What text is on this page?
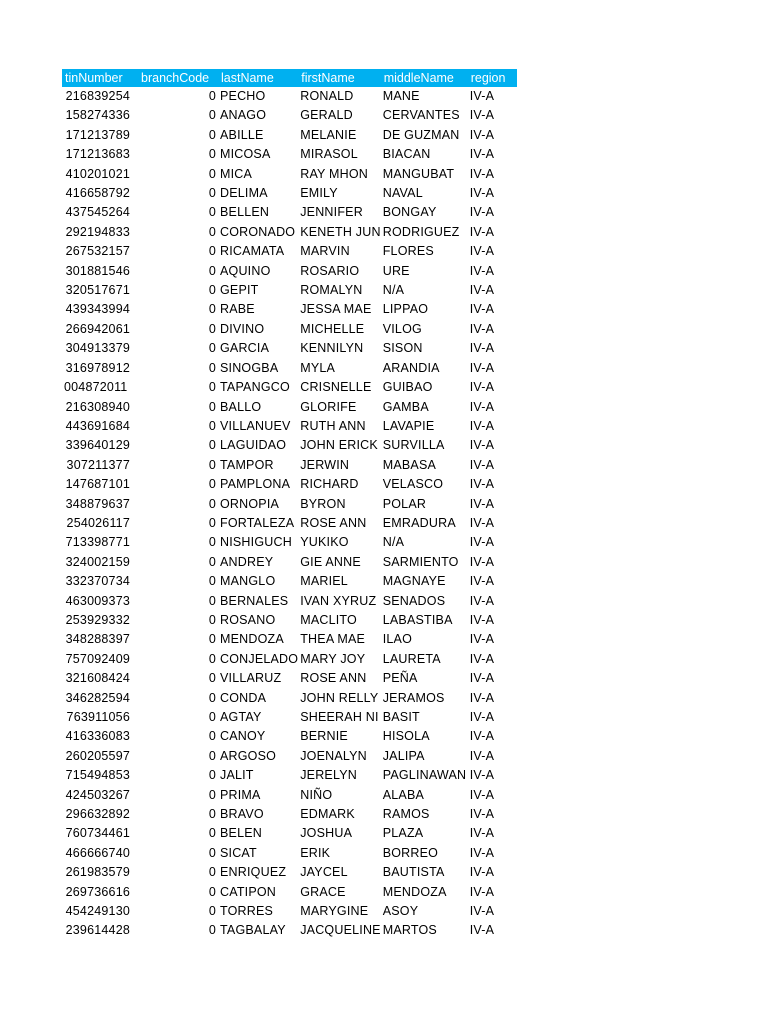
tinNumber	branchCode	lastName	firstName	middleName	region
216839254	0	PECHO	RONALD	MANE	IV-A
158274336	0	ANAGO	GERALD	CERVANTES	IV-A
171213789	0	ABILLE	MELANIE	DE GUZMAN	IV-A
171213683	0	MICOSA	MIRASOL	BIACAN	IV-A
410201021	0	MICA	RAY MHON	MANGUBAT	IV-A
416658792	0	DELIMA	EMILY	NAVAL	IV-A
437545264	0	BELLEN	JENNIFER	BONGAY	IV-A
292194833	0	CORONADO	KENETH JUN	RODRIGUEZ	IV-A
267532157	0	RICAMATA	MARVIN	FLORES	IV-A
301881546	0	AQUINO	ROSARIO	URE	IV-A
320517671	0	GEPIT	ROMALYN	N/A	IV-A
439343994	0	RABE	JESSA MAE	LIPPAO	IV-A
266942061	0	DIVINO	MICHELLE	VILOG	IV-A
304913379	0	GARCIA	KENNILYN	SISON	IV-A
316978912	0	SINOGBA	MYLA	ARANDIA	IV-A
004872011	0	TAPANGCO	CRISNELLE	GUIBAO	IV-A
216308940	0	BALLO	GLORIFE	GAMBA	IV-A
443691684	0	VILLANUEV	RUTH ANN	LAVAPIE	IV-A
339640129	0	LAGUIDAO	JOHN ERICK	SURVILLA	IV-A
307211377	0	TAMPOR	JERWIN	MABASA	IV-A
147687101	0	PAMPLONA	RICHARD	VELASCO	IV-A
348879637	0	ORNOPIA	BYRON	POLAR	IV-A
254026117	0	FORTALEZA	ROSE ANN	EMRADURA	IV-A
713398771	0	NISHIGUCH	YUKIKO	N/A	IV-A
324002159	0	ANDREY	GIE ANNE	SARMIENTO	IV-A
332370734	0	MANGLO	MARIEL	MAGNAYE	IV-A
463009373	0	BERNALES	IVAN XYRUZ	SENADOS	IV-A
253929332	0	ROSANO	MACLITO	LABASTIBA	IV-A
348288397	0	MENDOZA	THEA MAE	ILAO	IV-A
757092409	0	CONJELADO	MARY JOY	LAURETA	IV-A
321608424	0	VILLARUZ	ROSE ANN	PEÑA	IV-A
346282594	0	CONDA	JOHN RELLY	JERAMOS	IV-A
763911056	0	AGTAY	SHEERAH NI	BASIT	IV-A
416336083	0	CANOY	BERNIE	HISOLA	IV-A
260205597	0	ARGOSO	JOENALYN	JALIPA	IV-A
715494853	0	JALIT	JERELYN	PAGLINAWAN	IV-A
424503267	0	PRIMA	NIÑO	ALABA	IV-A
296632892	0	BRAVO	EDMARK	RAMOS	IV-A
760734461	0	BELEN	JOSHUA	PLAZA	IV-A
466666740	0	SICAT	ERIK	BORREO	IV-A
261983579	0	ENRIQUEZ	JAYCEL	BAUTISTA	IV-A
269736616	0	CATIPON	GRACE	MENDOZA	IV-A
454249130	0	TORRES	MARYGINE	ASOY	IV-A
239614428	0	TAGBALAY	JACQUELINE	MARTOS	IV-A
